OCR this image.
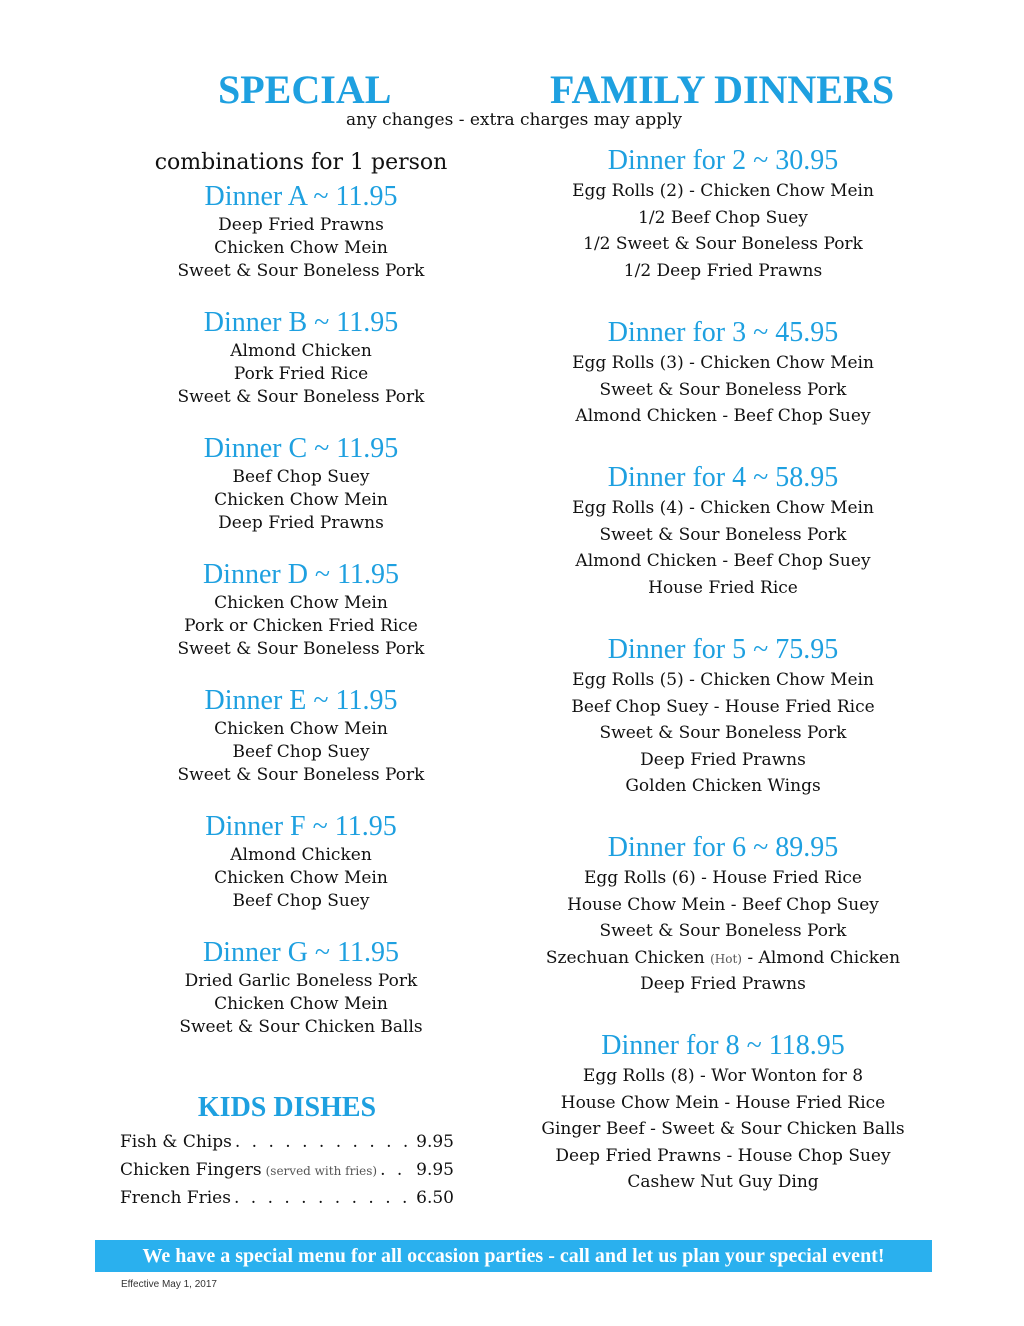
SPECIAL	FAMILY DINNERS
any changes - extra charges may apply
combinations for 1 person
Dinner A ~ 11.95
Deep Fried Prawns
Chicken Chow Mein
Sweet & Sour Boneless Pork
Dinner B ~ 11.95
Almond Chicken
Pork Fried Rice
Sweet & Sour Boneless Pork
Dinner C ~ 11.95
Beef Chop Suey
Chicken Chow Mein
Deep Fried Prawns
Dinner D ~ 11.95
Chicken Chow Mein
Pork or Chicken Fried Rice
Sweet & Sour Boneless Pork
Dinner E ~ 11.95
Chicken Chow Mein
Beef Chop Suey
Sweet & Sour Boneless Pork
Dinner F ~ 11.95
Almond Chicken
Chicken Chow Mein
Beef Chop Suey
Dinner G ~ 11.95
Dried Garlic Boneless Pork
Chicken Chow Mein
Sweet & Sour Chicken Balls
Dinner for 2 ~ 30.95
Egg Rolls (2) - Chicken Chow Mein
1/2 Beef Chop Suey
1/2 Sweet & Sour Boneless Pork
1/2 Deep Fried Prawns
Dinner for 3 ~ 45.95
Egg Rolls (3) - Chicken Chow Mein
Sweet & Sour Boneless Pork
Almond Chicken - Beef Chop Suey
Dinner for 4 ~ 58.95
Egg Rolls (4) - Chicken Chow Mein
Sweet & Sour Boneless Pork
Almond Chicken - Beef Chop Suey
House Fried Rice
Dinner for 5 ~ 75.95
Egg Rolls (5) - Chicken Chow Mein
Beef Chop Suey - House Fried Rice
Sweet & Sour Boneless Pork
Deep Fried Prawns
Golden Chicken Wings
Dinner for 6 ~ 89.95
Egg Rolls (6) - House Fried Rice
House Chow Mein - Beef Chop Suey
Sweet & Sour Boneless Pork
Szechuan Chicken (Hot) - Almond Chicken
Deep Fried Prawns
Dinner for 8 ~ 118.95
Egg Rolls (8) - Wor Wonton for 8
House Chow Mein - House Fried Rice
Ginger Beef - Sweet & Sour Chicken Balls
Deep Fried Prawns - House Chop Suey
Cashew Nut Guy Ding
KIDS DISHES
Fish & Chips . . .	9.95
Chicken Fingers (served with fries) . . . 9.95
French Fries . . .	6.50
We have a special menu for all occasion parties - call and let us plan your special event!
Effective May 1, 2017
